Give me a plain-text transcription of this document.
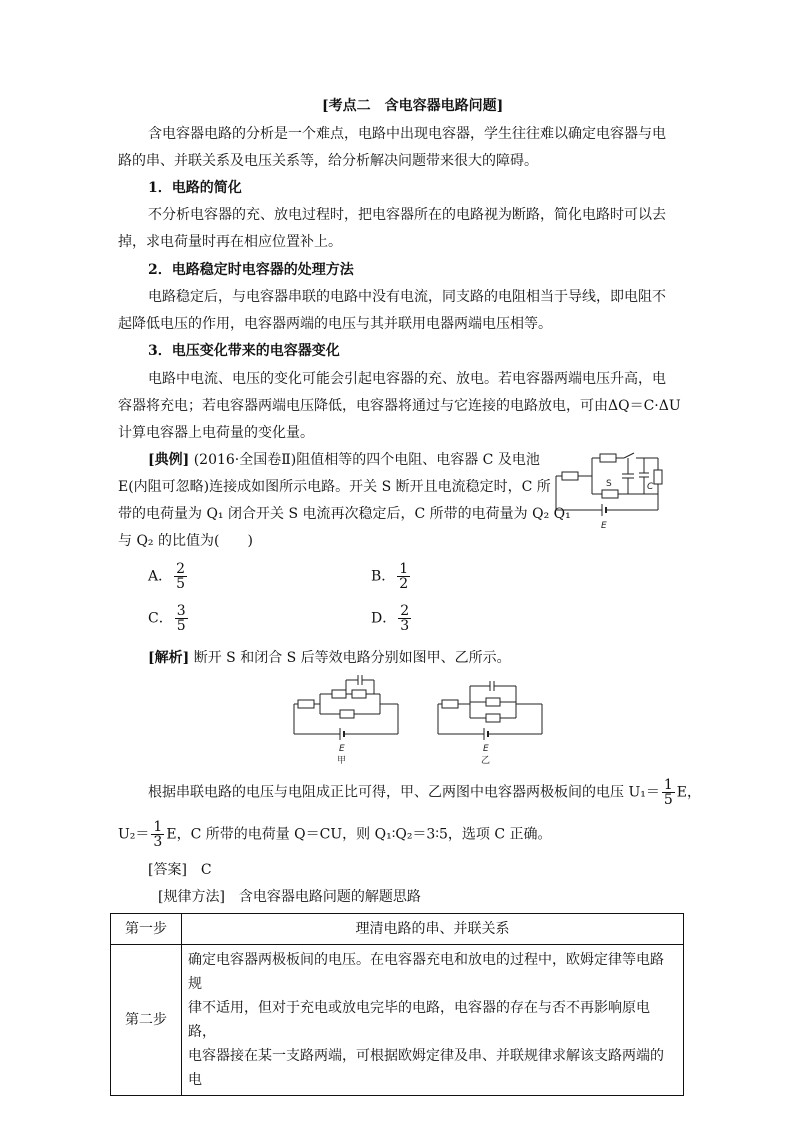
[考点二　含电容器电路问题]
含电容器电路的分析是一个难点，电路中出现电容器，学生往往难以确定电容器与电
路的串、并联关系及电压关系等，给分析解决问题带来很大的障碍。
1．电路的简化
不分析电容器的充、放电过程时，把电容器所在的电路视为断路，简化电路时可以去
掉，求电荷量时再在相应位置补上。
2．电路稳定时电容器的处理方法
电路稳定后，与电容器串联的电路中没有电流，同支路的电阻相当于导线，即电阻不
起降低电压的作用，电容器两端的电压与其并联用电器两端电压相等。
3．电压变化带来的电容器变化
电路中电流、电压的变化可能会引起电容器的充、放电。若电容器两端电压升高，电
容器将充电；若电容器两端电压降低，电容器将通过与它连接的电路放电，可由ΔQ＝C·ΔU
计算电容器上电荷量的变化量。
[典例] (2016·全国卷Ⅱ)阻值相等的四个电阻、电容器 C 及电池
E(内阻可忽略)连接成如图所示电路。开关 S 断开且电流稳定时，C 所
带的电荷量为 Q₁ 闭合开关 S 电流再次稳定后，C 所带的电荷量为 Q₂ Q₁
与 Q₂ 的比值为(　　)
S	C
E
A． $\frac{2}{5}$	B． $\frac{1}{2}$
C． $\frac{3}{5}$	D． $\frac{2}{3}$
[解析] 断开 S 和闭合 S 后等效电路分别如图甲、乙所示。
E
甲
E
乙
根据串联电路的电压与电阻成正比可得，甲、乙两图中电容器两极板间的电压 $U_1= \frac{1}{5}$ E，
$U_2= \frac{1}{3}$ E，C 所带的电荷量 Q＝CU，则 Q₁∶Q₂＝3∶5，选项 C 正确。
[答案]　C
[规律方法]　含电容器电路问题的解题思路
第一步	理清电路的串、并联关系
第二步	确定电容器两极板间的电压。在电容器充电和放电的过程中，欧姆定律等电路规
律不适用，但对于充电或放电完毕的电路，电容器的存在与否不再影响原电路，
电容器接在某一支路两端，可根据欧姆定律及串、并联规律求解该支路两端的电
